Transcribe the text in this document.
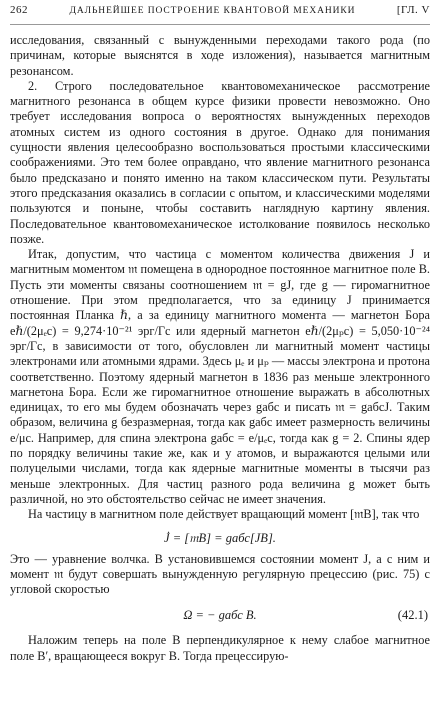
262	ДАЛЬНЕЙШЕЕ ПОСТРОЕНИЕ КВАНТОВОЙ МЕХАНИКИ	[ГЛ. V

исследования, связанный с вынужденными переходами такого рода (по причинам, которые выяснятся в ходе изложения), называется магнитным резонансом.

2. Строго последовательное квантовомеханическое рассмотрение магнитного резонанса в общем курсе физики провести невозможно. Оно требует исследования вопроса о вероятностях вынужденных переходов атомных систем из одного состояния в другое. Однако для понимания сущности явления целесообразно воспользоваться простыми классическими соображениями. Это тем более оправдано, что явление магнитного резонанса было предсказано и понято именно на таком классическом пути. Результаты этого предсказания оказались в согласии с опытом, и классическими моделями пользуются и поныне, чтобы составить наглядную картину явления. Последовательное квантовомеханическое истолкование появилось несколько позже.

Итак, допустим, что частица с моментом количества движения J и магнитным моментом 𝔪 помещена в однородное постоянное магнитное поле B. Пусть эти моменты связаны соотношением 𝔪 = gJ, где g — гиромагнитное отношение. При этом предполагается, что за единицу J принимается постоянная Планка ℏ, а за единицу магнитного момента — магнетон Бора eℏ/(2μₑc) = 9,274·10⁻²¹ эрг/Гс или ядерный магнетон eℏ/(2μₚc) = 5,050·10⁻²⁴ эрг/Гс, в зависимости от того, обусловлен ли магнитный момент частицы электронами или атомными ядрами. Здесь μₑ и μₚ — массы электрона и протона соответственно. Поэтому ядерный магнетон в 1836 раз меньше электронного магнетона Бора. Если же гиромагнитное отношение выражать в абсолютных единицах, то его мы будем обозначать через gабс и писать 𝔪 = gабсJ. Таким образом, величина g безразмерная, тогда как gабс имеет размерность величины e/μc. Например, для спина электрона gабс = e/μₑc, тогда как g = 2. Спины ядер по порядку величины такие же, как и у атомов, и выражаются целыми или полуцелыми числами, тогда как ядерные магнитные моменты в тысячи раз меньше электронных. Для частиц разного рода величина g может быть различной, но это обстоятельство сейчас не имеет значения.

На частицу в магнитном поле действует вращающий момент [𝔪B], так что

J̇ = [𝔪B] = gабс[JB].

Это — уравнение волчка. В установившемся состоянии момент J, а с ним и момент 𝔪 будут совершать вынужденную регулярную прецессию (рис. 75) с угловой скоростью

Ω = − gабс B.	(42.1)

Наложим теперь на поле B перпендикулярное к нему слабое магнитное поле B′, вращающееся вокруг B. Тогда прецессирую-
